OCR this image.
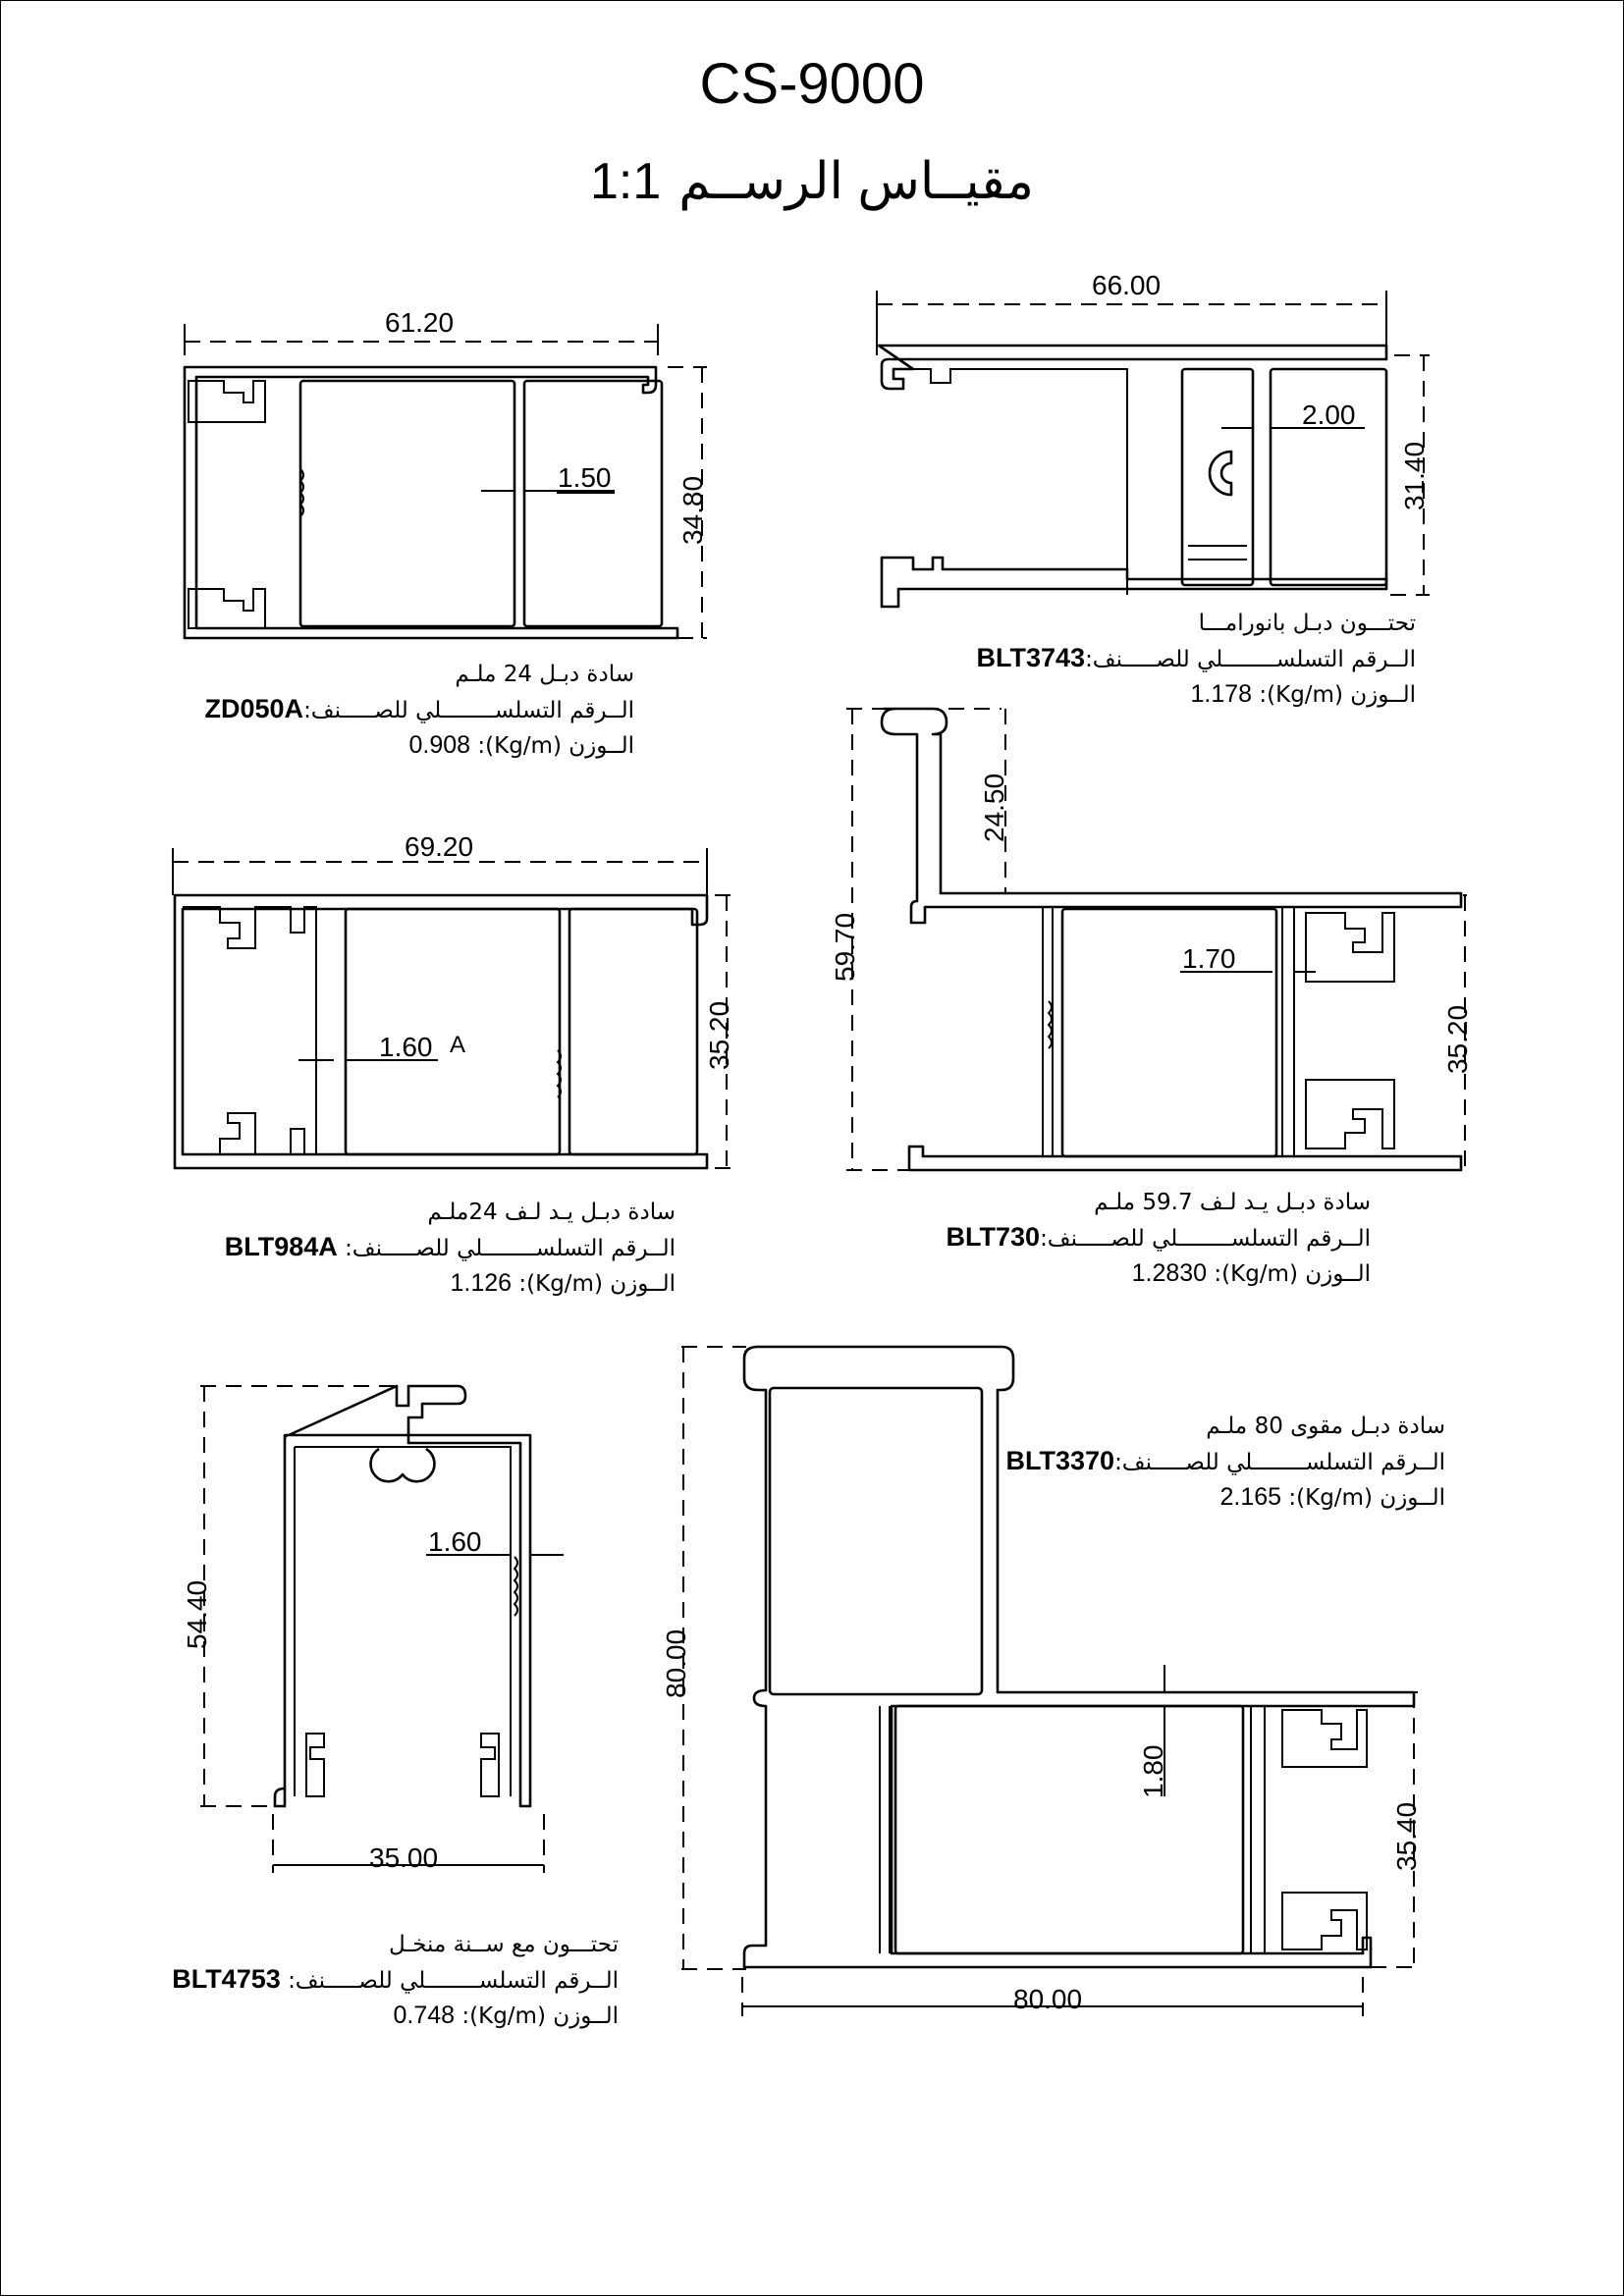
CS-9000
1:1 مقيــاس الرســم
61.20
1.50 34.80
66.00
2.00
31.40
69.20
1.60 A	35.20
59.70
24.50
1.70
35.20
54.40
35.00
1.60
80.00
80.00
35.40
1.80
سادة دبـل 24 ملـم
الــرقم التسلســــــــلي للصـــــنف:ZD050A
الــوزن (Kg/m): 0.908
تحتـــون دبـل بانورامـــا
الــرقم التسلســــــــلي للصـــــنف:BLT3743
الــوزن (Kg/m): 1.178
سادة دبـل يـد لـف 24ملـم
الــرقم التسلســــــــلي للصـــــنف: BLT984A
الــوزن (Kg/m): 1.126
سادة دبـل يـد لـف 59.7 ملـم
الــرقم التسلســــــــلي للصـــــنف:BLT730
الــوزن (Kg/m): 1.2830
تحتـــون مع ســنة منخـل
الــرقم التسلســــــــلي للصـــــنف: BLT4753
الــوزن (Kg/m): 0.748
سادة دبـل مقوى 80 ملـم
الــرقم التسلســــــــلي للصـــــنف:BLT3370
الــوزن (Kg/m): 2.165
